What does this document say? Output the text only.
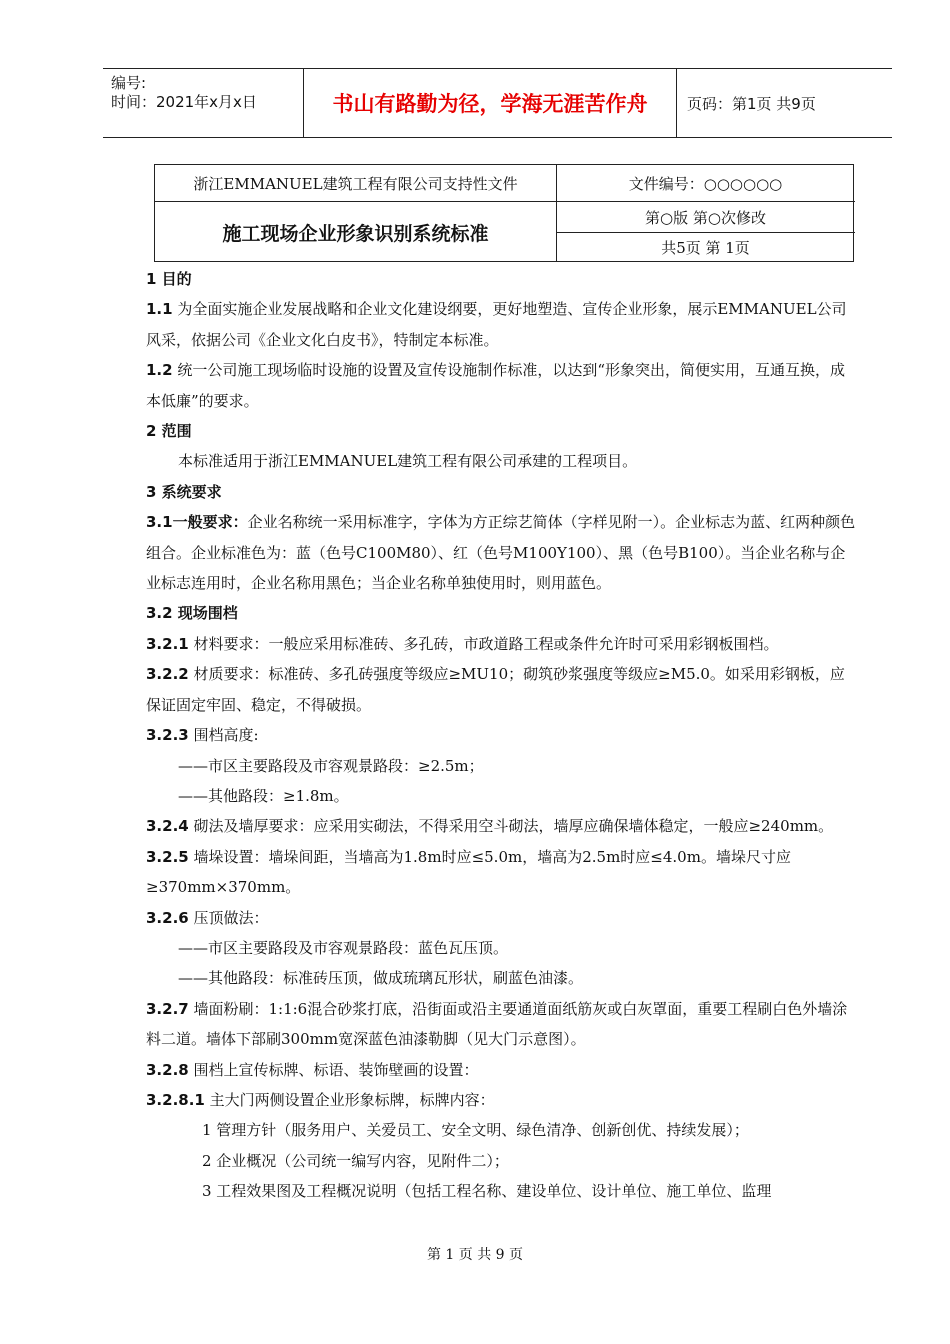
编号:
时间：2021年x月x日	书山有路勤为径，学海无涯苦作舟	页码：第1页 共9页
浙江EMMANUEL建筑工程有限公司支持性文件
施工现场企业形象识别系统标准
文件编号：○○○○○○
第○版 第○次修改
共5页 第 1页

1 目的

1.1 为全面实施企业发展战略和企业文化建设纲要，更好地塑造、宣传企业形象，展示EMMANUEL公司风采，依据公司《企业文化白皮书》，特制定本标准。

1.2 统一公司施工现场临时设施的设置及宣传设施制作标准，以达到“形象突出，简便实用，互通互换，成本低廉”的要求。

2 范围

本标准适用于浙江EMMANUEL建筑工程有限公司承建的工程项目。

3 系统要求

3.1一般要求：企业名称统一采用标准字，字体为方正综艺简体（字样见附一）。企业标志为蓝、红两种颜色组合。企业标准色为：蓝（色号C100M80）、红（色号M100Y100）、黑（色号B100）。当企业名称与企业标志连用时，企业名称用黑色；当企业名称单独使用时，则用蓝色。

3.2 现场围档

3.2.1 材料要求：一般应采用标准砖、多孔砖，市政道路工程或条件允许时可采用彩钢板围档。

3.2.2 材质要求：标准砖、多孔砖强度等级应≥MU10；砌筑砂浆强度等级应≥M5.0。如采用彩钢板，应保证固定牢固、稳定，不得破损。

3.2.3 围档高度:

——市区主要路段及市容观景路段：≥2.5m；

——其他路段：≥1.8m。

3.2.4 砌法及墙厚要求：应采用实砌法，不得采用空斗砌法，墙厚应确保墙体稳定，一般应≥240mm。

3.2.5 墙垛设置：墙垛间距，当墙高为1.8m时应≤5.0m，墙高为2.5m时应≤4.0m。墙垛尺寸应≥370mm×370mm。

3.2.6 压顶做法：

——市区主要路段及市容观景路段：蓝色瓦压顶。

——其他路段：标准砖压顶，做成琉璃瓦形状，刷蓝色油漆。

3.2.7 墙面粉刷：1:1:6混合砂浆打底，沿街面或沿主要通道面纸筋灰或白灰罩面，重要工程刷白色外墙涂料二道。墙体下部刷300mm宽深蓝色油漆勒脚（见大门示意图）。

3.2.8 围档上宣传标牌、标语、装饰壁画的设置：

3.2.8.1 主大门两侧设置企业形象标牌，标牌内容：

1 管理方针（服务用户、关爱员工、安全文明、绿色清净、创新创优、持续发展）；

2 企业概况（公司统一编写内容，见附件二）；

3 工程效果图及工程概况说明（包括工程名称、建设单位、设计单位、施工单位、监理

第 1 页 共 9 页
